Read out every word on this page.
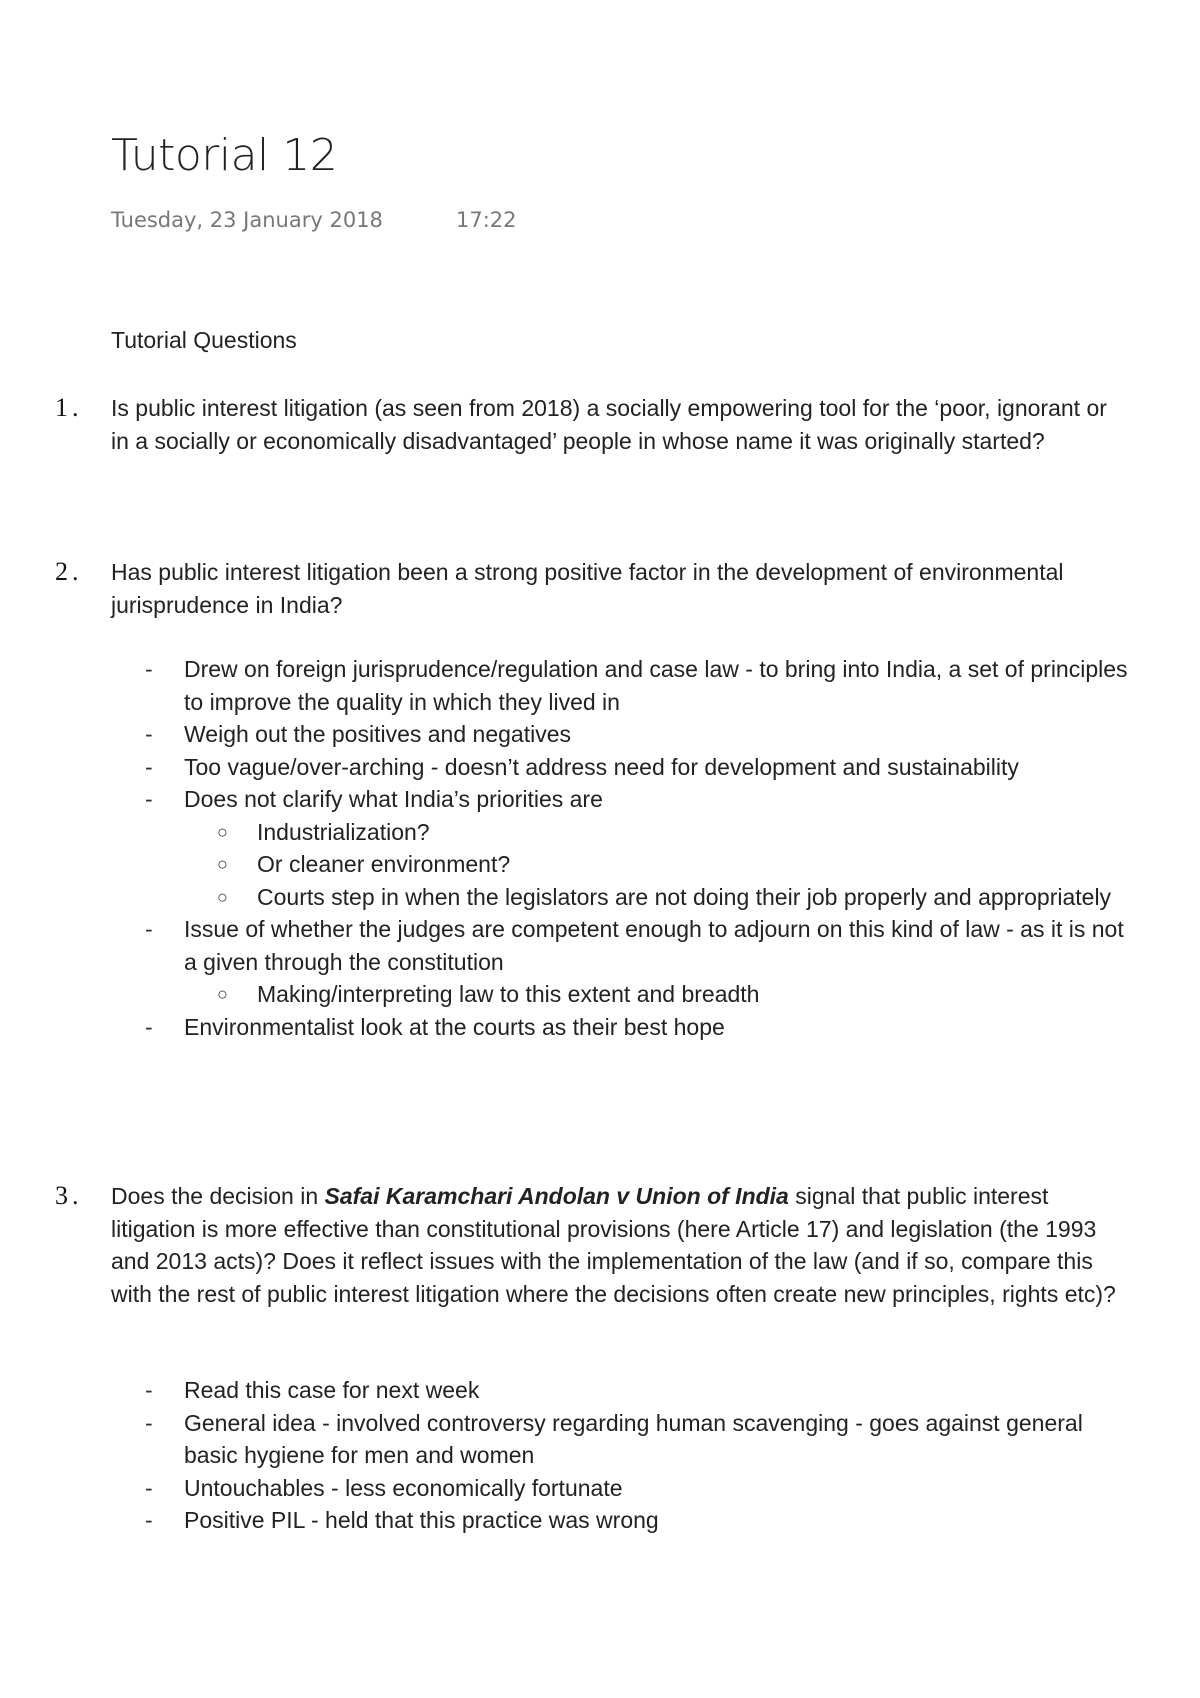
Tutorial 12
Tuesday, 23 January 2018	17:22
Tutorial Questions
1 . Is public interest litigation (as seen from 2018) a socially empowering tool for the ‘poor, ignorant or in a socially or economically disadvantaged’ people in whose name it was originally started?
2 . Has public interest litigation been a strong positive factor in the development of environmental jurisprudence in India?
- Drew on foreign jurisprudence/regulation and case law - to bring into India, a set of principles to improve the quality in which they lived in
- Weigh out the positives and negatives
- Too vague/over-arching - doesn’t address need for development and sustainability
- Does not clarify what India’s priorities are
○ Industrialization?
○ Or cleaner environment?
○ Courts step in when the legislators are not doing their job properly and appropriately
- Issue of whether the judges are competent enough to adjourn on this kind of law - as it is not a given through the constitution
○ Making/interpreting law to this extent and breadth
- Environmentalist look at the courts as their best hope
3 . Does the decision in Safai Karamchari Andolan v Union of India signal that public interest litigation is more effective than constitutional provisions (here Article 17) and legislation (the 1993 and 2013 acts)? Does it reflect issues with the implementation of the law (and if so, compare this with the rest of public interest litigation where the decisions often create new principles, rights etc)?
- Read this case for next week
- General idea - involved controversy regarding human scavenging - goes against general basic hygiene for men and women
- Untouchables - less economically fortunate
- Positive PIL - held that this practice was wrong
